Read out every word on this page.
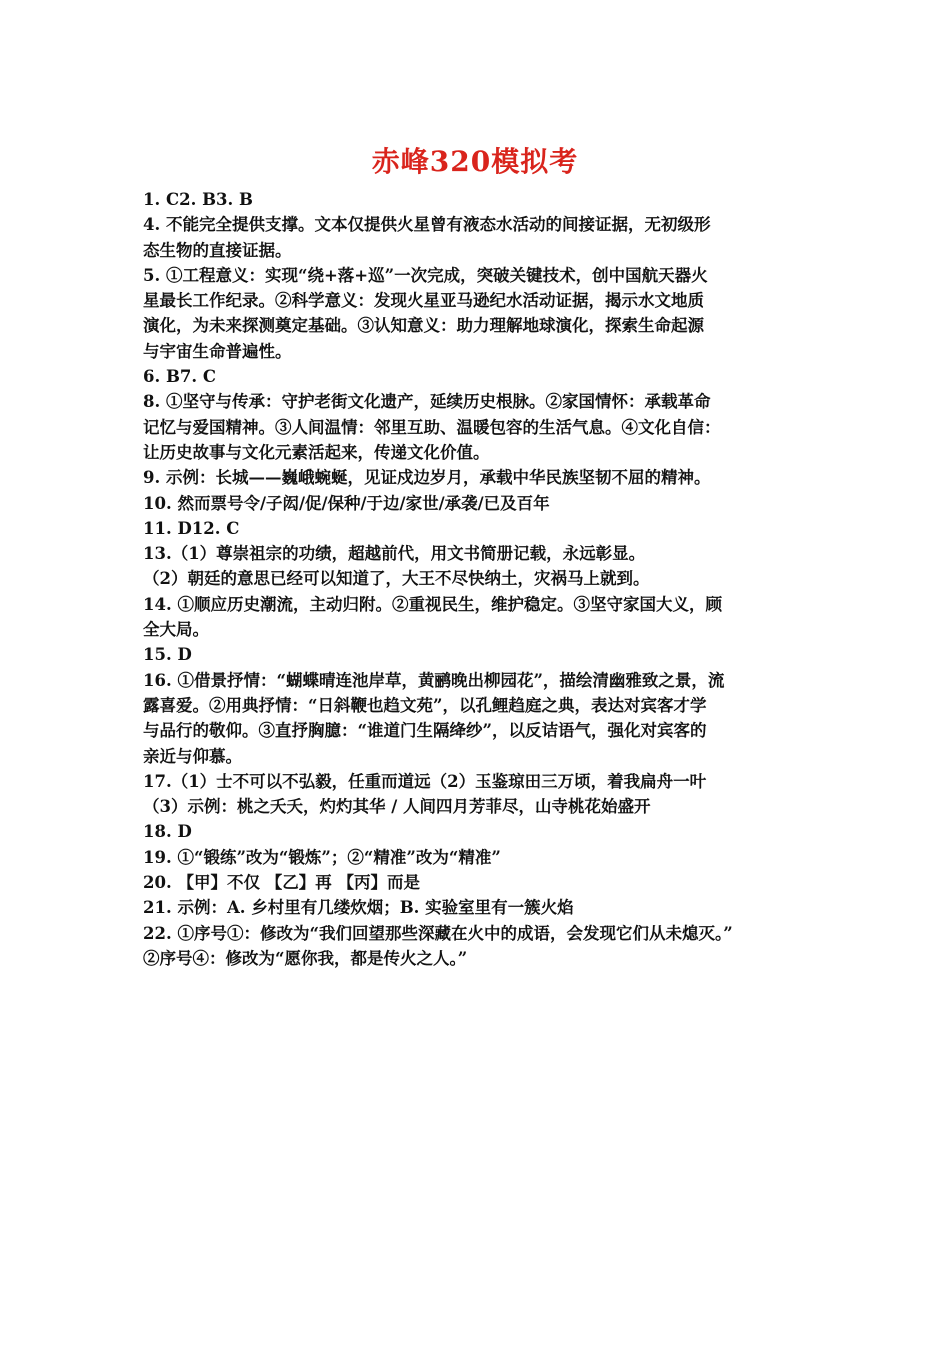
赤峰320模拟考
1. C2. B3. B
4. 不能完全提供支撑。文本仅提供火星曾有液态水活动的间接证据，无初级形
态生物的直接证据。
5. ①工程意义：实现“绕+落+巡”一次完成，突破关键技术，创中国航天器火
星最长工作纪录。②科学意义：发现火星亚马逊纪水活动证据，揭示水文地质
演化，为未来探测奠定基础。③认知意义：助力理解地球演化，探索生命起源
与宇宙生命普遍性。
6. B7. C
8. ①坚守与传承：守护老街文化遗产，延续历史根脉。②家国情怀：承载革命
记忆与爱国精神。③人间温情：邻里互助、温暖包容的生活气息。④文化自信：
让历史故事与文化元素活起来，传递文化价值。
9. 示例：长城——巍峨蜿蜒，见证戍边岁月，承载中华民族坚韧不屈的精神。
10. 然而票号令/子闳/促/保种/于边/家世/承袭/已及百年
11. D12. C
13.（1）尊崇祖宗的功绩，超越前代，用文书简册记载，永远彰显。
（2）朝廷的意思已经可以知道了，大王不尽快纳土，灾祸马上就到。
14. ①顺应历史潮流，主动归附。②重视民生，维护稳定。③坚守家国大义，顾
全大局。
15. D
16. ①借景抒情：“蝴蝶晴连池岸草，黄鹂晚出柳园花”，描绘清幽雅致之景，流
露喜爱。②用典抒情：“日斜鞭也趋文苑”，以孔鲤趋庭之典，表达对宾客才学
与品行的敬仰。③直抒胸臆：“谁道门生隔绛纱”，以反诘语气，强化对宾客的
亲近与仰慕。
17.（1）士不可以不弘毅，任重而道远（2）玉鉴琼田三万顷，着我扁舟一叶
（3）示例：桃之夭夭，灼灼其华 / 人间四月芳菲尽，山寺桃花始盛开
18. D
19. ①“锻练”改为“锻炼”；②“精准”改为“精准”
20. 【甲】不仅 【乙】再 【丙】而是
21. 示例：A. 乡村里有几缕炊烟；B. 实验室里有一簇火焰
22. ①序号①：修改为“我们回望那些深藏在火中的成语，会发现它们从未熄灭。”
②序号④：修改为“愿你我，都是传火之人。”
